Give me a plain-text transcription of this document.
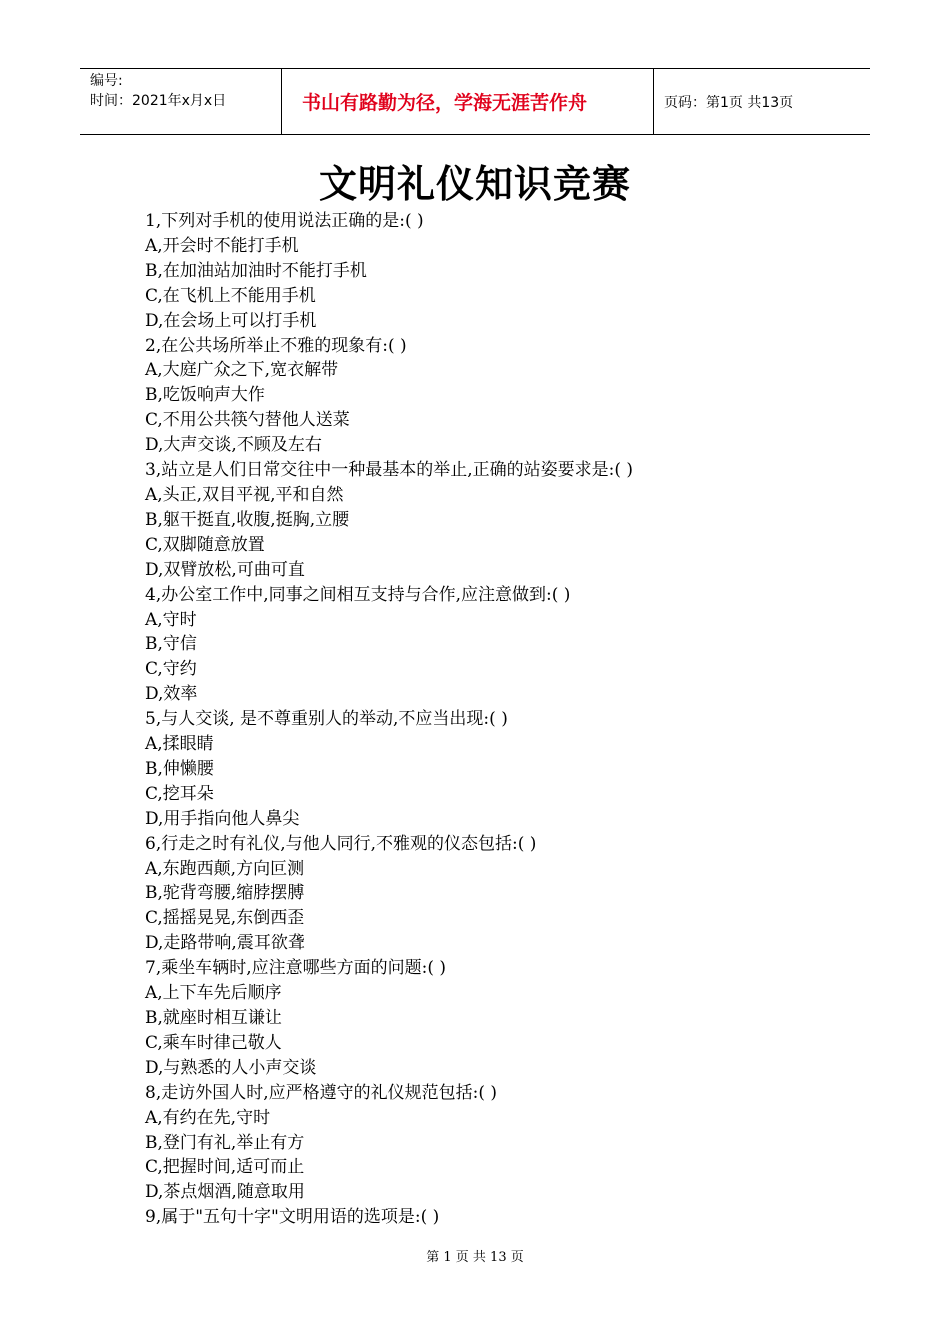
编号:
时间：2021年x月x日	书山有路勤为径，学海无涯苦作舟	页码：第1页 共13页
文明礼仪知识竞赛
1,下列对手机的使用说法正确的是:( )
A,开会时不能打手机
B,在加油站加油时不能打手机
C,在飞机上不能用手机
D,在会场上可以打手机
2,在公共场所举止不雅的现象有:( )
A,大庭广众之下,宽衣解带
B,吃饭响声大作
C,不用公共筷勺替他人送菜
D,大声交谈,不顾及左右
3,站立是人们日常交往中一种最基本的举止,正确的站姿要求是:( )
A,头正,双目平视,平和自然
B,躯干挺直,收腹,挺胸,立腰
C,双脚随意放置
D,双臂放松,可曲可直
4,办公室工作中,同事之间相互支持与合作,应注意做到:( )
A,守时
B,守信
C,守约
D,效率
5,与人交谈, 是不尊重别人的举动,不应当出现:( )
A,揉眼睛
B,伸懒腰
C,挖耳朵
D,用手指向他人鼻尖
6,行走之时有礼仪,与他人同行,不雅观的仪态包括:( )
A,东跑西颠,方向叵测
B,驼背弯腰,缩脖摆膊
C,摇摇晃晃,东倒西歪
D,走路带响,震耳欲聋
7,乘坐车辆时,应注意哪些方面的问题:( )
A,上下车先后顺序
B,就座时相互谦让
C,乘车时律己敬人
D,与熟悉的人小声交谈
8,走访外国人时,应严格遵守的礼仪规范包括:( )
A,有约在先,守时
B,登门有礼,举止有方
C,把握时间,适可而止
D,茶点烟酒,随意取用
9,属于"五句十字"文明用语的选项是:( )
第 1 页 共 13 页
